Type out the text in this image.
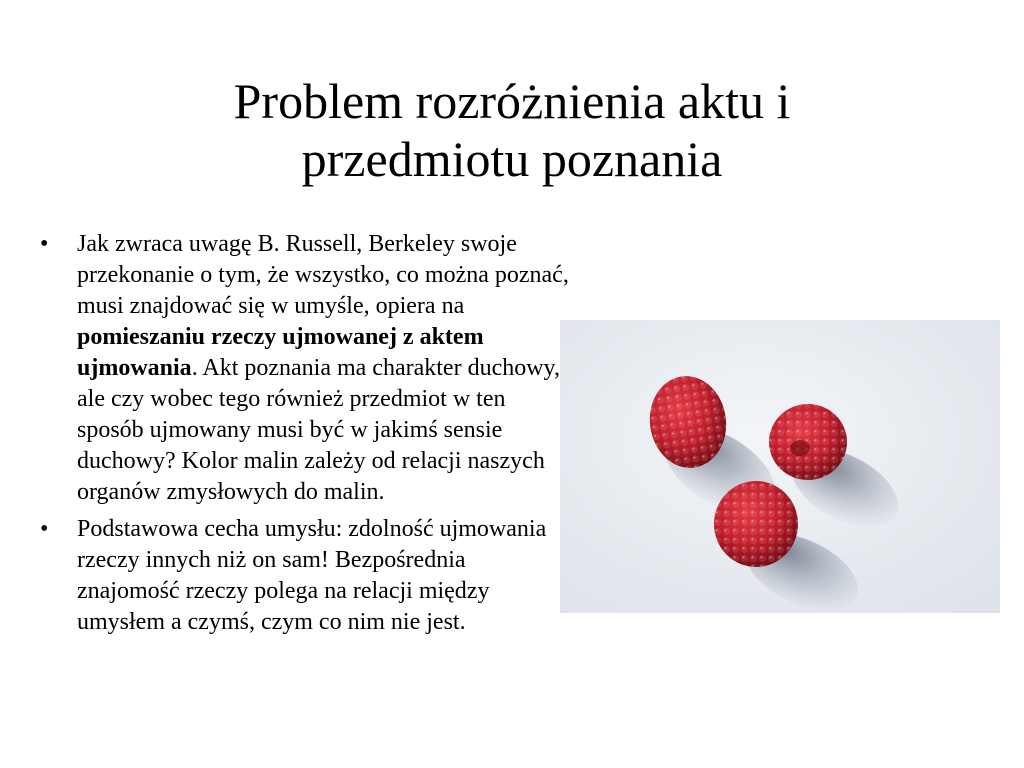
Problem rozróżnienia aktu i
przedmiotu poznania
•	Jak zwraca uwagę B. Russell, Berkeley swoje przekonanie o tym, że wszystko, co można poznać, musi znajdować się w umyśle, opiera na pomieszaniu rzeczy ujmowanej z aktem ujmowania. Akt poznania ma charakter duchowy, ale czy wobec tego również przedmiot w ten sposób ujmowany musi być w jakimś sensie duchowy? Kolor malin zależy od relacji naszych organów zmysłowych do malin.
•	Podstawowa cecha umysłu: zdolność ujmowania rzeczy innych niż on sam! Bezpośrednia znajomość rzeczy polega na relacji między umysłem a czymś, czym co nim nie jest.
